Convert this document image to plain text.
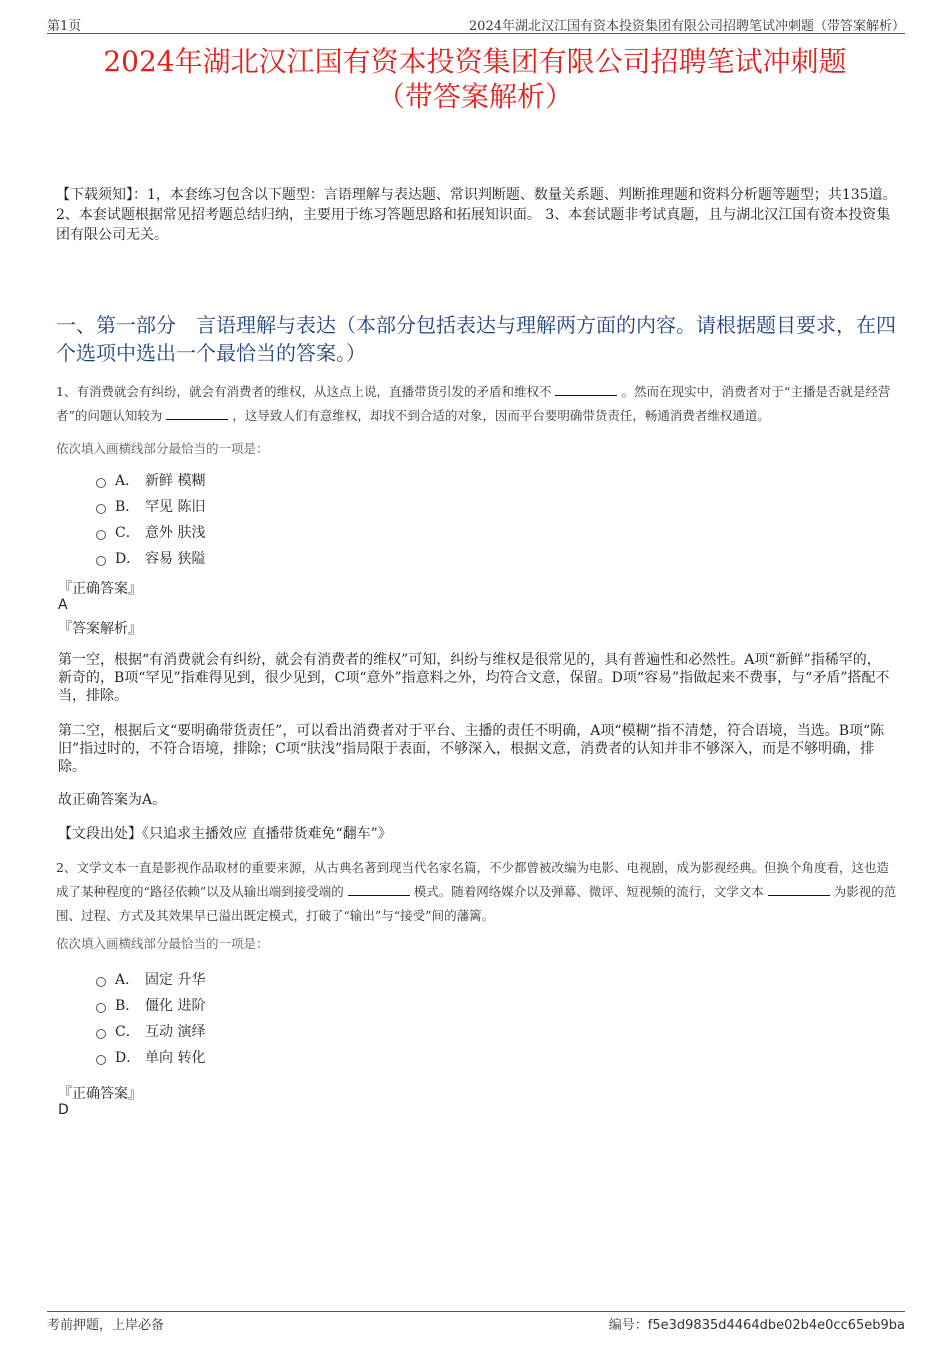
第1页	2024年湖北汉江国有资本投资集团有限公司招聘笔试冲刺题（带答案解析）
2024年湖北汉江国有资本投资集团有限公司招聘笔试冲刺题
（带答案解析）
【下载须知】：1，本套练习包含以下题型：言语理解与表达题、常识判断题、数量关系题、判断推理题和资料分析题等题型；共135道。 2、本套试题根据常见招考题总结归纳，主要用于练习答题思路和拓展知识面。 3、本套试题非考试真题，且与湖北汉江国有资本投资集团有限公司无关。
一、第一部分　言语理解与表达（本部分包括表达与理解两方面的内容。请根据题目要求，在四个选项中选出一个最恰当的答案。）
1、有消费就会有纠纷，就会有消费者的维权，从这点上说，直播带货引发的矛盾和维权不	。然而在现实中，消费者对于“主播是否就是经营者”的问题认知较为	，这导致人们有意维权，却找不到合适的对象，因而平台要明确带货责任，畅通消费者维权通道。
依次填入画横线部分最恰当的一项是：
A． 新鲜 模糊
B． 罕见 陈旧
C． 意外 肤浅
D． 容易 狭隘
『正确答案』
A
『答案解析』
第一空，根据“有消费就会有纠纷，就会有消费者的维权”可知，纠纷与维权是很常见的，具有普遍性和必然性。A项“新鲜”指稀罕的，新奇的，B项“罕见”指难得见到，很少见到，C项“意外”指意料之外，均符合文意，保留。D项“容易”指做起来不费事，与“矛盾”搭配不当，排除。
第二空，根据后文“要明确带货责任”，可以看出消费者对于平台、主播的责任不明确，A项“模糊”指不清楚，符合语境，当选。B项“陈旧”指过时的，不符合语境，排除；C项“肤浅”指局限于表面，不够深入，根据文意，消费者的认知并非不够深入，而是不够明确，排除。
故正确答案为A。
【文段出处】《只追求主播效应 直播带货难免“翻车”》
2、文学文本一直是影视作品取材的重要来源，从古典名著到现当代名家名篇，不少都曾被改编为电影、电视剧，成为影视经典。但换个角度看，这也造成了某种程度的“路径依赖”以及从输出端到接受端的	模式。随着网络媒介以及弹幕、微评、短视频的流行，文学文本	为影视的范围、过程、方式及其效果早已溢出既定模式，打破了“输出”与“接受”间的藩篱。
依次填入画横线部分最恰当的一项是：
A． 固定 升华
B． 僵化 进阶
C． 互动 演绎
D． 单向 转化
『正确答案』
D
考前押题，上岸必备	编号：f5e3d9835d4464dbe02b4e0cc65eb9ba
